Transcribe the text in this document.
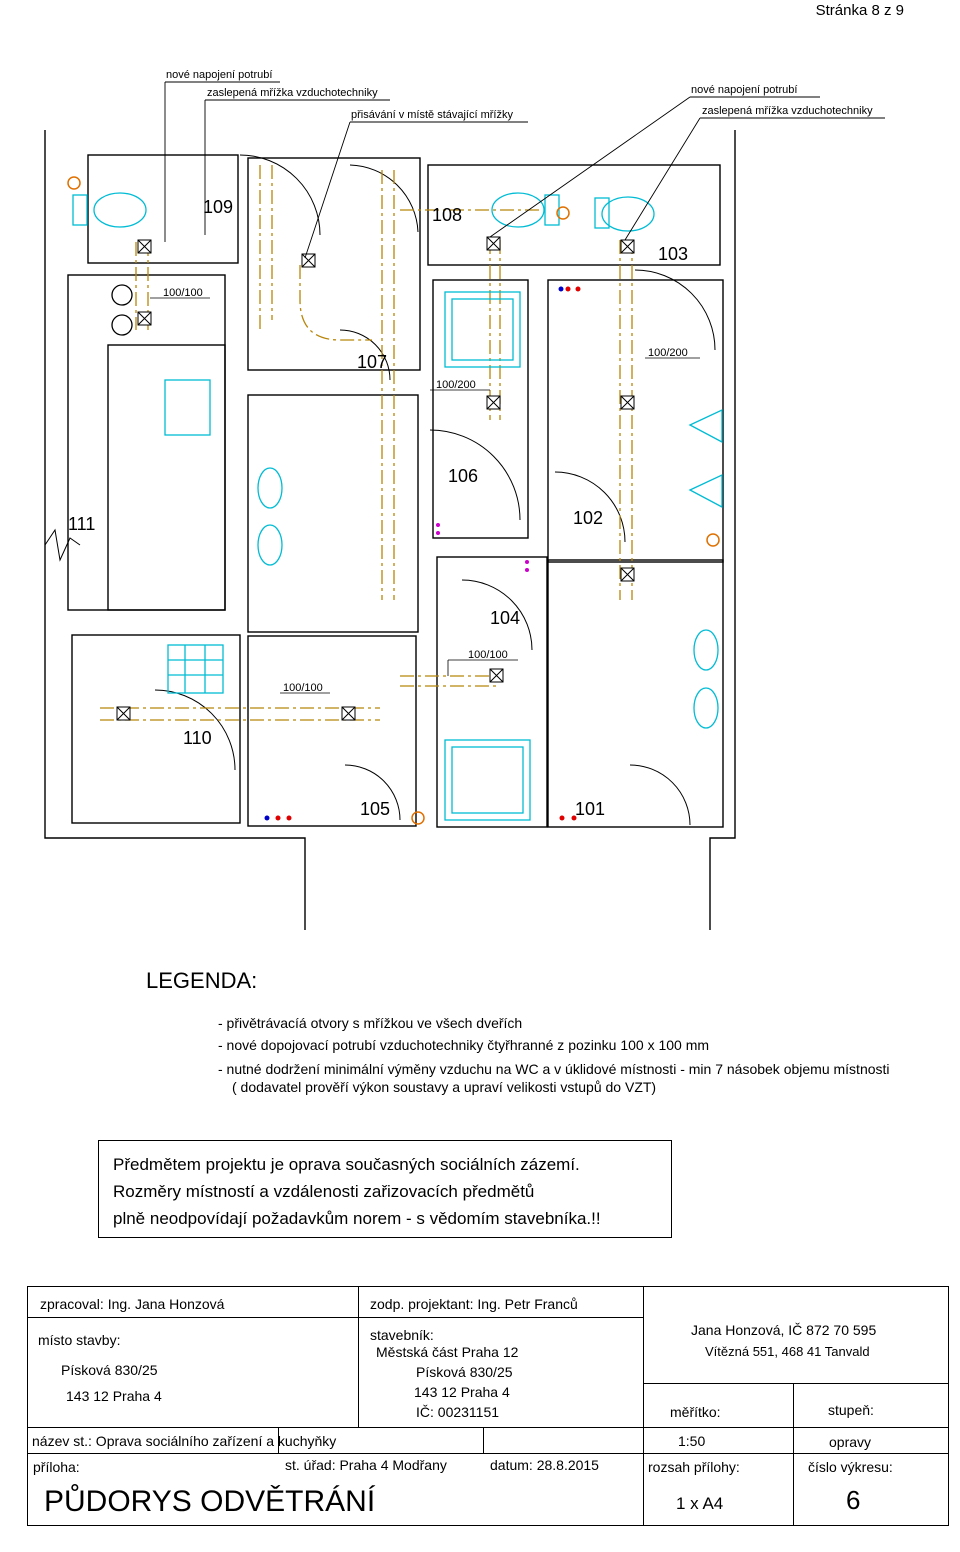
Stránka 8 z 9
nové napojení potrubí
zaslepená mřížka vzduchotechniky
přisávání v místě stávající mřížky
nové napojení potrubí
zaslepená mřížka vzduchotechniky
109	108
103
107
106
111	102
104
110
105	101
100/100
100/200
100/200
100/100
100/100
LEGENDA:
- přivětrávacíá otvory s mřížkou ve všech dveřích
- nové dopojovací potrubí vzduchotechniky čtyřhranné z pozinku 100 x 100 mm
- nutné dodržení minimální výměny vzduchu na WC a v úklidové místnosti - min 7 násobek objemu místnosti
( dodavatel prověří výkon soustavy a upraví velikosti vstupů do VZT)
Předmětem projektu je oprava současných sociálních zázemí.
Rozměry místností a vzdálenosti zařizovacích předmětů
plně neodpovídají požadavkům norem - s vědomím stavebníka.!!
zpracoval: Ing. Jana Honzová	zodp. projektant: Ing. Petr Franců
místo stavby:
Písková 830/25
143 12 Praha 4
stavebník:
Městská část Praha 12
Písková 830/25
143 12 Praha 4
IČ: 00231151
Jana Honzová, IČ 872 70 595
Vítězná 551, 468 41 Tanvald
měřítko:	stupeň:
název st.: Oprava sociálního zařízení a kuchyňky	1:50	opravy
příloha:	st. úřad: Praha 4 Modřany	datum: 28.8.2015	rozsah přílohy:	číslo výkresu:
PŮDORYS ODVĚTRÁNÍ	1 x A4	6
